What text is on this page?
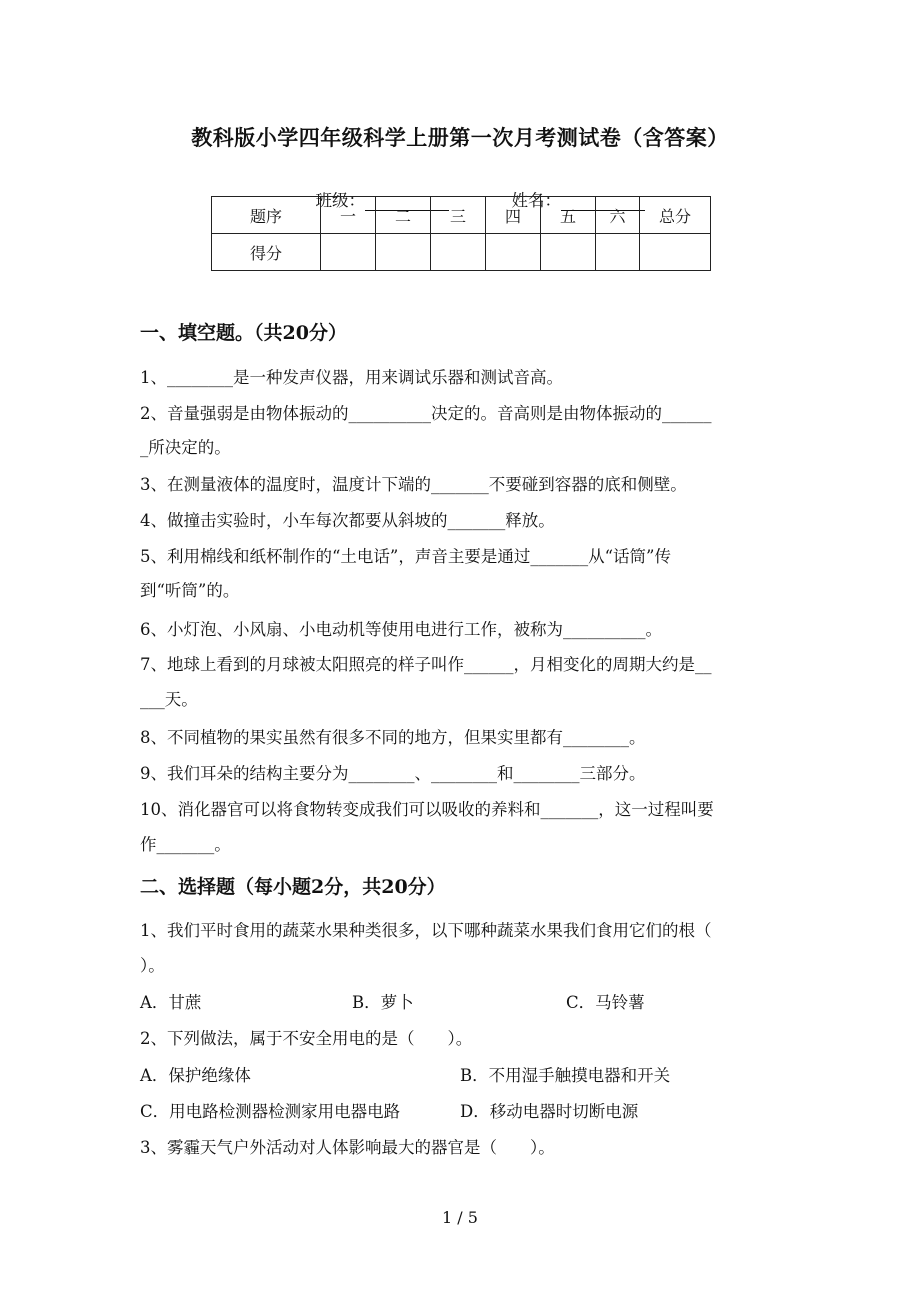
教科版小学四年级科学上册第一次月考测试卷（含答案）

班级：	姓名：

题序	一	二	三	四	五	六	总分
得分							
一、填空题。（共20分）
1、________是一种发声仪器，用来调试乐器和测试音高。
2、音量强弱是由物体振动的__________决定的。音高则是由物体振动的______
_所决定的。
3、在测量液体的温度时，温度计下端的_______不要碰到容器的底和侧壁。
4、做撞击实验时，小车每次都要从斜坡的_______释放。
5、利用棉线和纸杯制作的“土电话”，声音主要是通过_______从“话筒”传
到“听筒”的。
6、小灯泡、小风扇、小电动机等使用电进行工作，被称为__________。
7、地球上看到的月球被太阳照亮的样子叫作______，月相变化的周期大约是__
___天。
8、不同植物的果实虽然有很多不同的地方，但果实里都有________。
9、我们耳朵的结构主要分为________、________和________三部分。
10、消化器官可以将食物转变成我们可以吸收的养料和_______，这一过程叫要
作_______。
二、选择题（每小题2分，共20分）
1、我们平时食用的蔬菜水果种类很多，以下哪种蔬菜水果我们食用它们的根（
）。
A．甘蔗	B．萝卜	C．马铃薯
2、下列做法，属于不安全用电的是（　　）。
A．保护绝缘体	B．不用湿手触摸电器和开关
C．用电路检测器检测家用电器电路	D．移动电器时切断电源
3、雾霾天气户外活动对人体影响最大的器官是（　　）。
1 / 5
